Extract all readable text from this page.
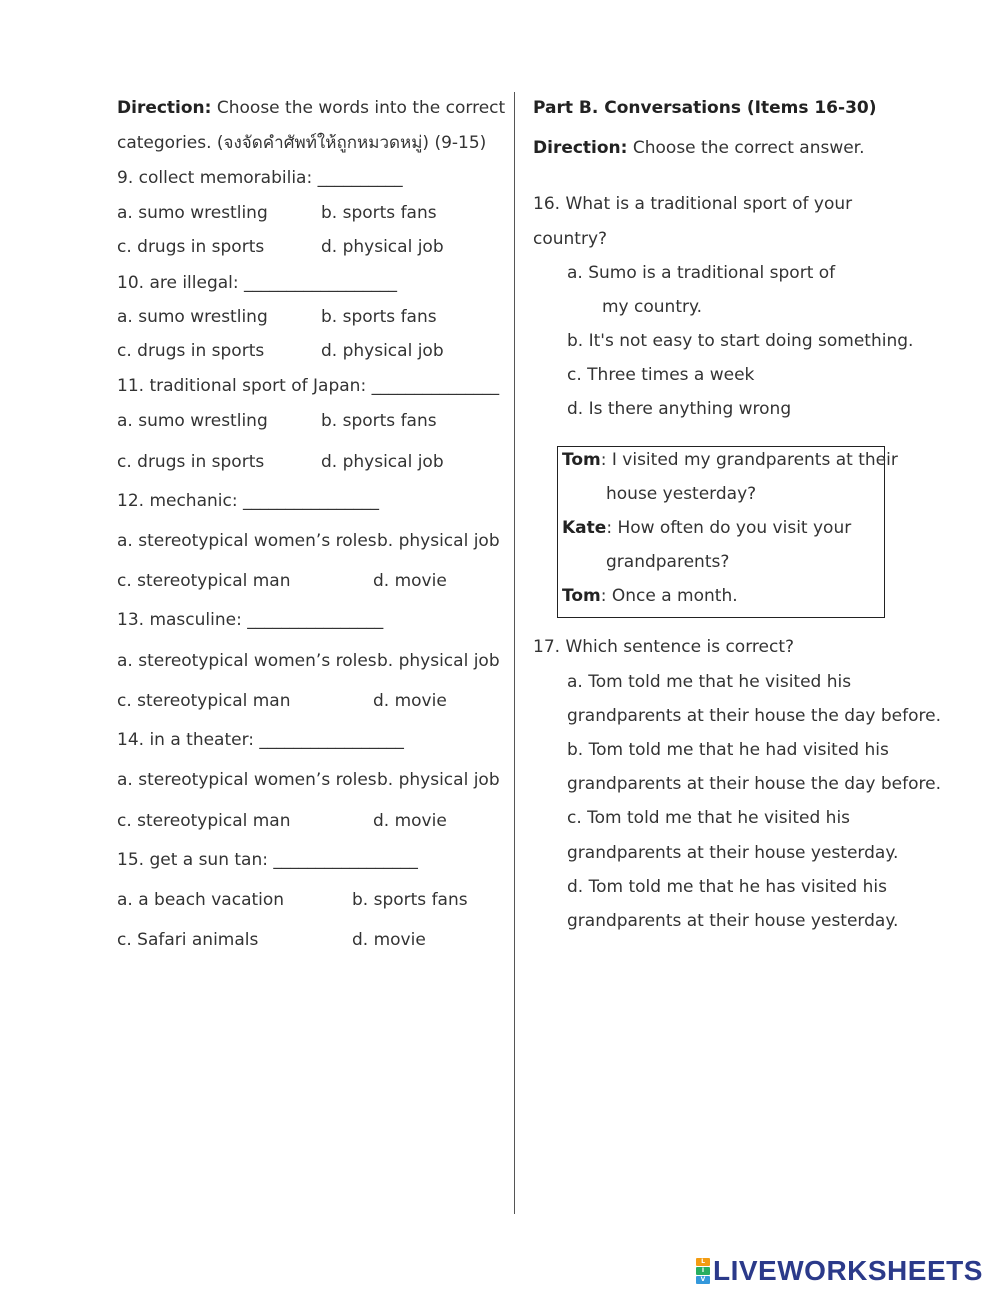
Direction: Choose the words into the correct
categories. (จงจัดคำศัพท์ให้ถูกหมวดหมู่) (9-15)
9. collect memorabilia: __________
a. sumo wrestling	b. sports fans
c. drugs in sports	d. physical job
10. are illegal: __________________
a. sumo wrestling	b. sports fans
c. drugs in sports	d. physical job
11. traditional sport of Japan: _______________
a. sumo wrestling	b. sports fans
c. drugs in sports	d. physical job
12. mechanic: ________________
a. stereotypical women’s roles b. physical job
c. stereotypical man	d. movie
13. masculine: ________________
a. stereotypical women’s roles b. physical job
c. stereotypical man	d. movie
14. in a theater: _________________
a. stereotypical women’s roles b. physical job
c. stereotypical man	d. movie
15. get a sun tan: _________________
a. a beach vacation	b. sports fans
c. Safari animals	d. movie
Part B. Conversations (Items 16-30)
Direction: Choose the correct answer.
16. What is a traditional sport of your
country?
a. Sumo is a traditional sport of
my country.
b. It's not easy to start doing something.
c. Three times a week
d. Is there anything wrong
Tom: I visited my grandparents at their
house yesterday?
Kate: How often do you visit your
grandparents?
Tom: Once a month.
17. Which sentence is correct?
a. Tom told me that he visited his
grandparents at their house the day before.
b. Tom told me that he had visited his
grandparents at their house the day before.
c. Tom told me that he visited his
grandparents at their house yesterday.
d. Tom told me that he has visited his
grandparents at their house yesterday.
L
I
V LIVEWORKSHEETS
